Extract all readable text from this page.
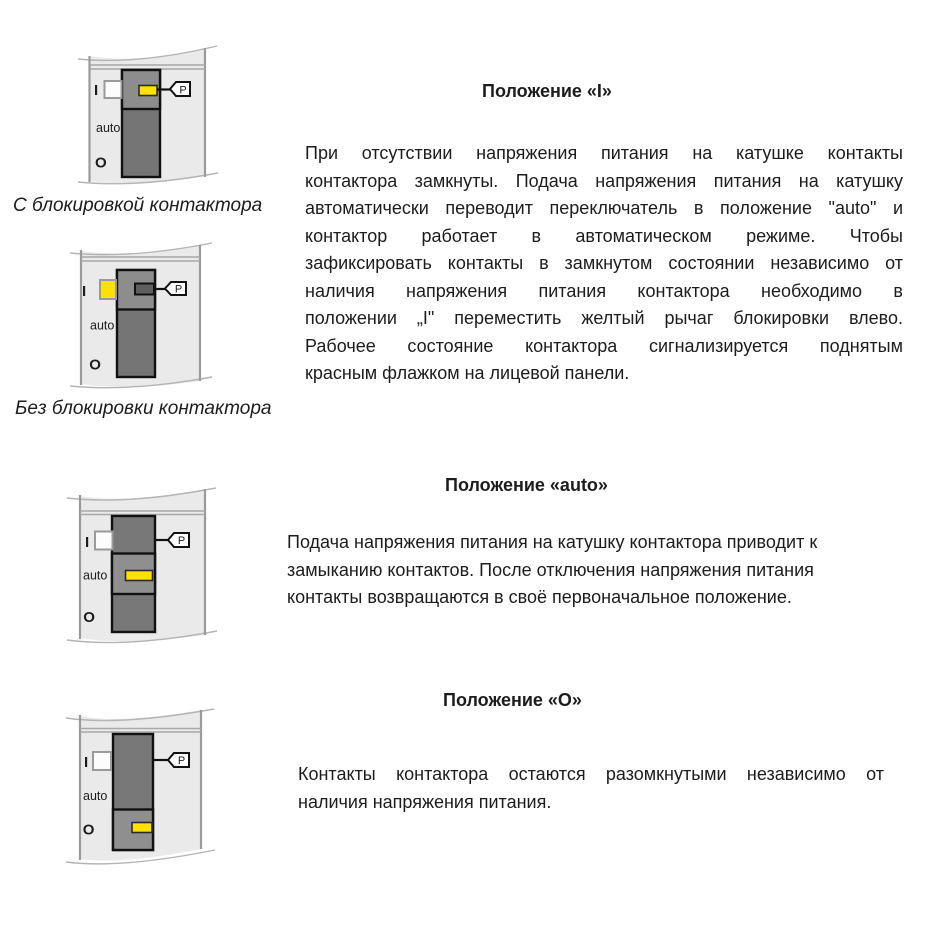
I	P
auto
O
С блокировкой контактора
I	P
auto
O
Без блокировки контактора
I	P
auto
O
I	P
auto
O
Положение «I»
При отсутствии напряжения питания на катушке контакты
контактора замкнуты. Подача напряжения питания на катушку
автоматически переводит переключатель в положение "auto" и
контактор работает в автоматическом режиме. Чтобы
зафиксировать контакты в замкнутом состоянии независимо от
наличия напряжения питания контактора необходимо в
положении „I" переместить желтый рычаг блокировки влево.
Рабочее состояние контактора сигнализируется поднятым
красным флажком на лицевой панели.
Положение «auto»
Подача напряжения питания на катушку контактора приводит к
замыканию контактов. После отключения напряжения питания
контакты возвращаются в своё первоначальное положение.
Положение «О»
Контакты контактора остаются разомкнутыми независимо от
наличия напряжения питания.
